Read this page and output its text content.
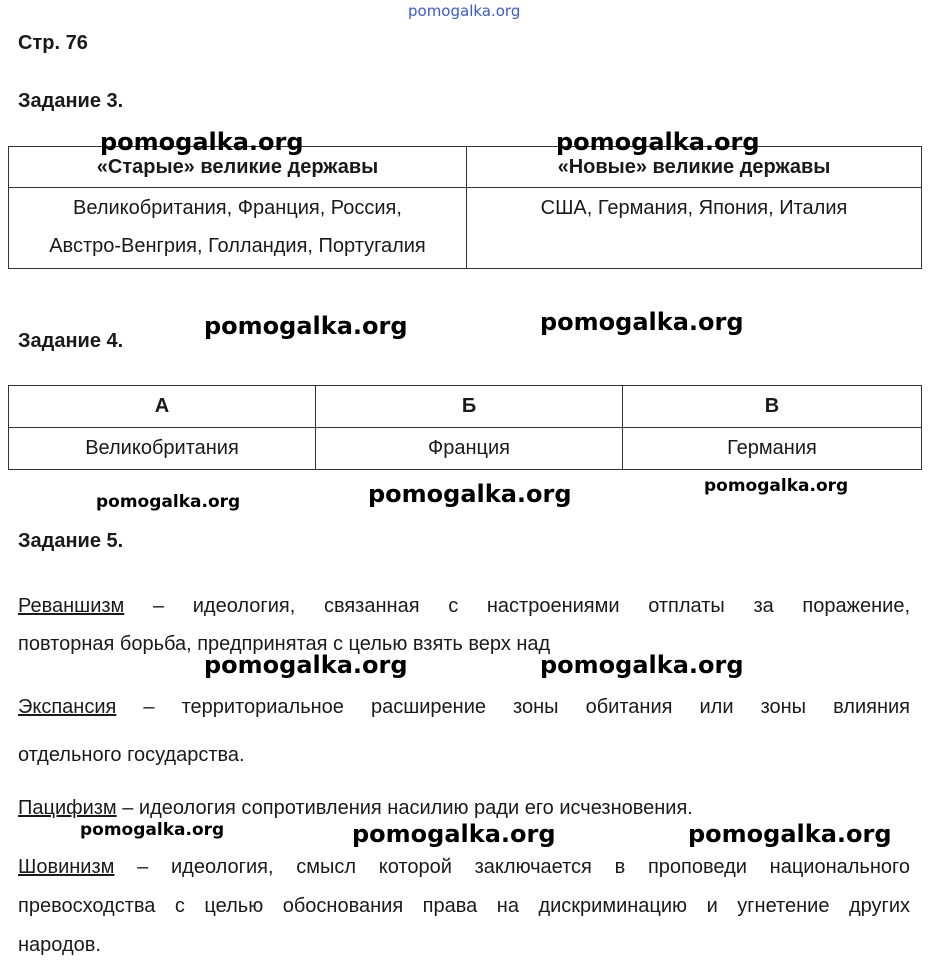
pomogalka.org
Стр. 76
Задание 3.
«Старые» великие державы	«Новые» великие державы

Великобритания, Франция, Россия,
Австро-Венгрия, Голландия, Португалия	США, Германия, Япония, Италия
pomogalka.org	pomogalka.org
Задание 4.
pomogalka.org	pomogalka.org
А	Б	В
Великобритания	Франция	Германия
pomogalka.org	pomogalka.org	pomogalka.org
Задание 5.
Реваншизм – идеология, связанная с настроениями отплаты за поражение,
повторная борьба, предпринятая с целью взять верх над
pomogalka.org	pomogalka.org
Экспансия – территориальное расширение зоны обитания или зоны влияния
отдельного государства.
Пацифизм – идеология сопротивления насилию ради его исчезновения.
pomogalka.org	pomogalka.org	pomogalka.org
Шовинизм – идеология, смысл которой заключается в проповеди национального
превосходства с целью обоснования права на дискриминацию и угнетение других
народов.
